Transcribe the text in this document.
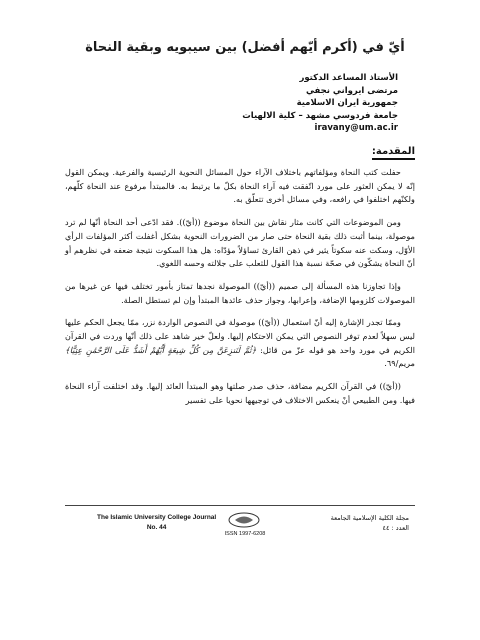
أيّ في (أكرم أيّهم أفضل) بين سيبويه وبقية النحاة
الأستاذ المساعد الدكتور
مرتضى ايرواني نجفي
جمهورية ايران الاسلامية
جامعة فردوسي مشهد – كلية الالهيات
iravany@um.ac.ir
المقدمة:

حفلت كتب النحاة ومؤلفاتهم باختلاف الآراء حول المسائل النحوية الرئيسية والفرعية. ويمكن القول إنّه لا يمكن العثور على مورد اتّفقت فيه آراء النحاة بكلّ ما يرتبط به. فالمبتدأ مرفوع عند النحاة كلّهم، ولكنّهم اختلفوا في رافعه، وفي مسائل أخرى تتعلّق به.

ومن الموضوعات التي كانت مثار نقاش بين النحاة موضوع ((أيّ)). فقد ادّعى أحد النحاة أنّها لم ترد موصولة، بينما أثبت ذلك بقية النحاة حتى صار من الضرورات النحوية بشكل أغفلت أكثر المؤلفات الرأي الأوّل، وسكت عنه سكوتاً يثير في ذهن القارئ تساؤلاً مؤدّاه: هل هذا السكوت نتيجة ضعفه في نظرهم أو أنّ النحاة يشكّون في صحّة نسبة هذا القول للثعلب على جلالته وحسه اللغوي.

وإذا تجاوزنا هذه المسألة إلى صميم ((أيّ)) الموصولة نجدها تمتاز بأمور تختلف فيها عن غيرها من الموصولات كلزومها الإضافة، وإعرابها، وجواز حذف عائدها المبتدأ وإن لم تستطل الصلة.

وممّا تجدر الإشارة إليه أنّ استعمال ((أيّ)) موصولة في النصوص الواردة نزر، ممّا يجعل الحكم عليها ليس سهلاً لعدم توفر النصوص التي يمكن الاحتكام إليها. ولعلّ خير شاهد على ذلك أنّها وردت في القرآن الكريم في مورد واحد هو قوله عزّ من قائل: ﴿ثُمَّ لَنَنزِعَنَّ مِن كُلِّ شِيعَةٍ أَيُّهُمْ أَشَدُّ عَلَى الرَّحْمَٰنِ عِتِيًّا﴾ مريم/٦٩.

((أيّ)) في القرآن الكريم مضافة، حذف صدر صلتها وهو المبتدأ العائد إليها. وقد اختلفت آراء النحاة فيها. ومن الطبيعي أنْ ينعكس الاختلاف في توجيهها نحويا على تفسير

The Islamic University College Journal
No. 44
ISSN 1997-6208
مجلة الكلية الإسلامية الجامعة
العدد : ٤٤
